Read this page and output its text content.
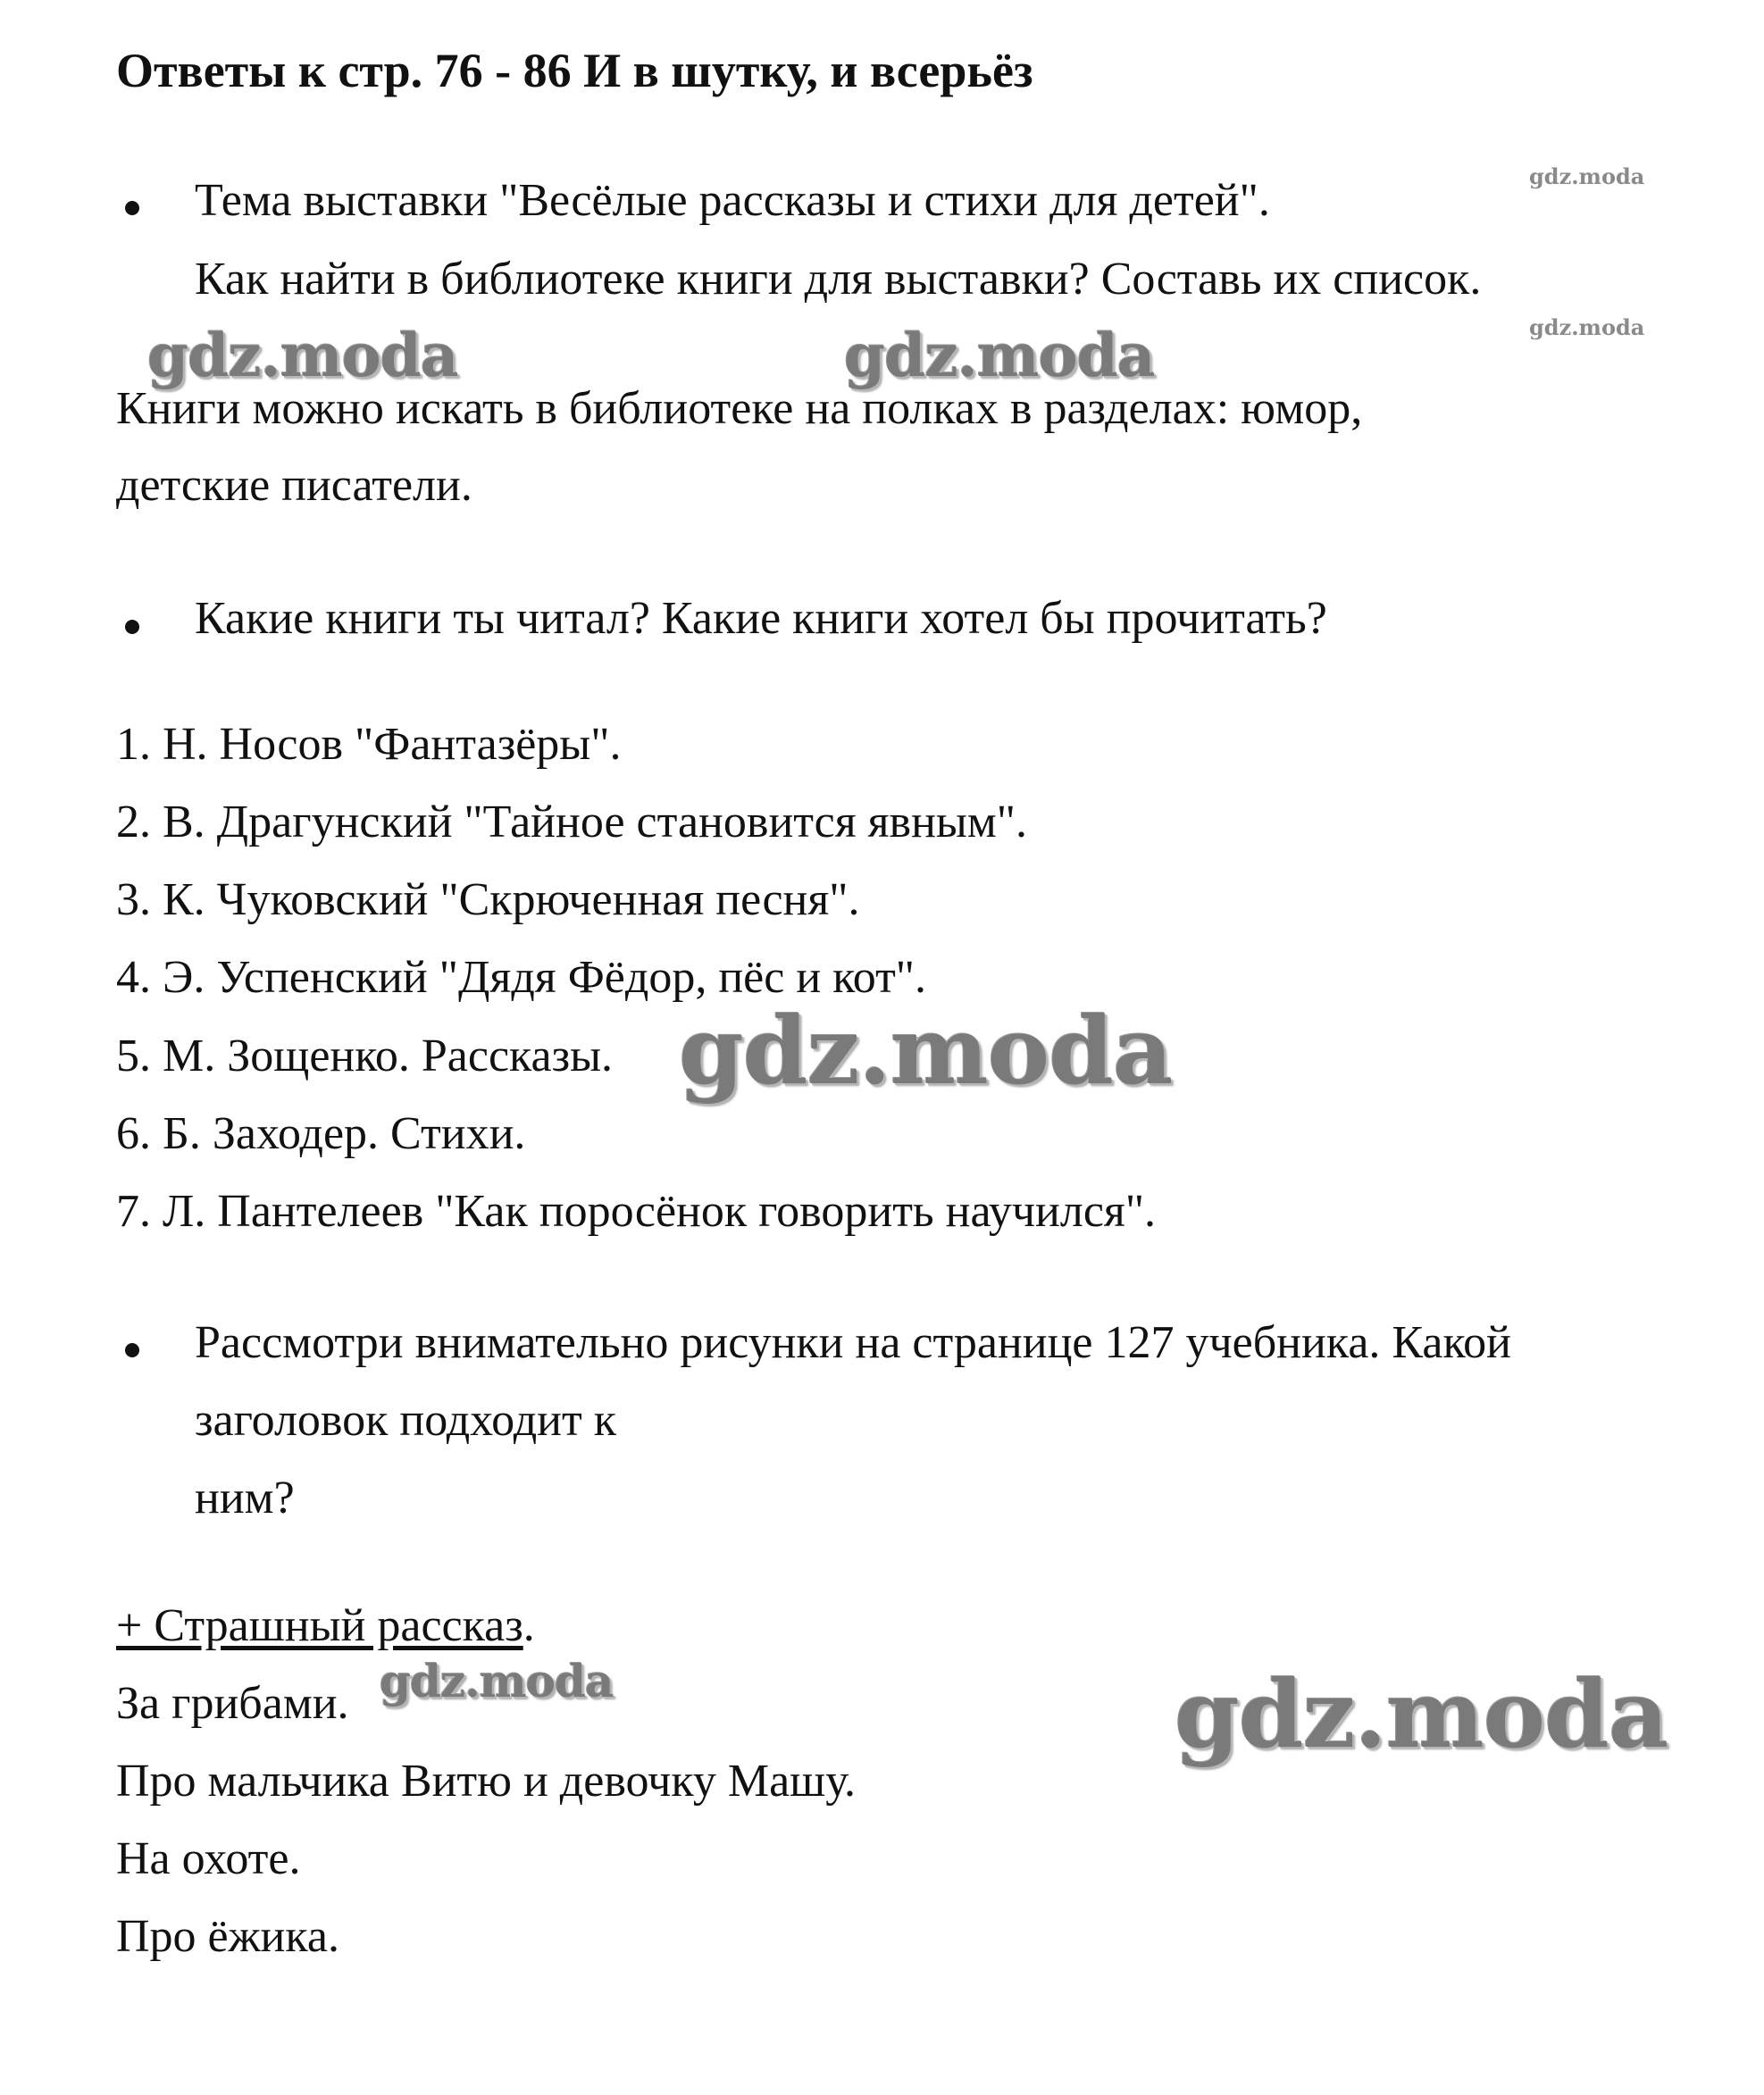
Ответы к стр. 76 - 86 И в шутку, и всерьёз
Тема выставки "Весёлые рассказы и стихи для детей".
Как найти в библиотеке книги для выставки? Составь их список.
Книги можно искать в библиотеке на полках в разделах: юмор,
детские писатели.
Какие книги ты читал? Какие книги хотел бы прочитать?
1. Н. Носов "Фантазёры".
2. В. Драгунский "Тайное становится явным".
3. К. Чуковский "Скрюченная песня".
4. Э. Успенский "Дядя Фёдор, пёс и кот".
5. М. Зощенко. Рассказы.
6. Б. Заходер. Стихи.
7. Л. Пантелеев "Как поросёнок говорить научился".
Рассмотри внимательно рисунки на странице 127 учебника. Какой
заголовок подходит к
ним?
+ Страшный рассказ.
За грибами.
Про мальчика Витю и девочку Машу.
На охоте.
Про ёжика.
gdz.moda
gdz.moda
gdz.moda	gdz.moda
gdz.moda
gdz.moda	gdz.moda
